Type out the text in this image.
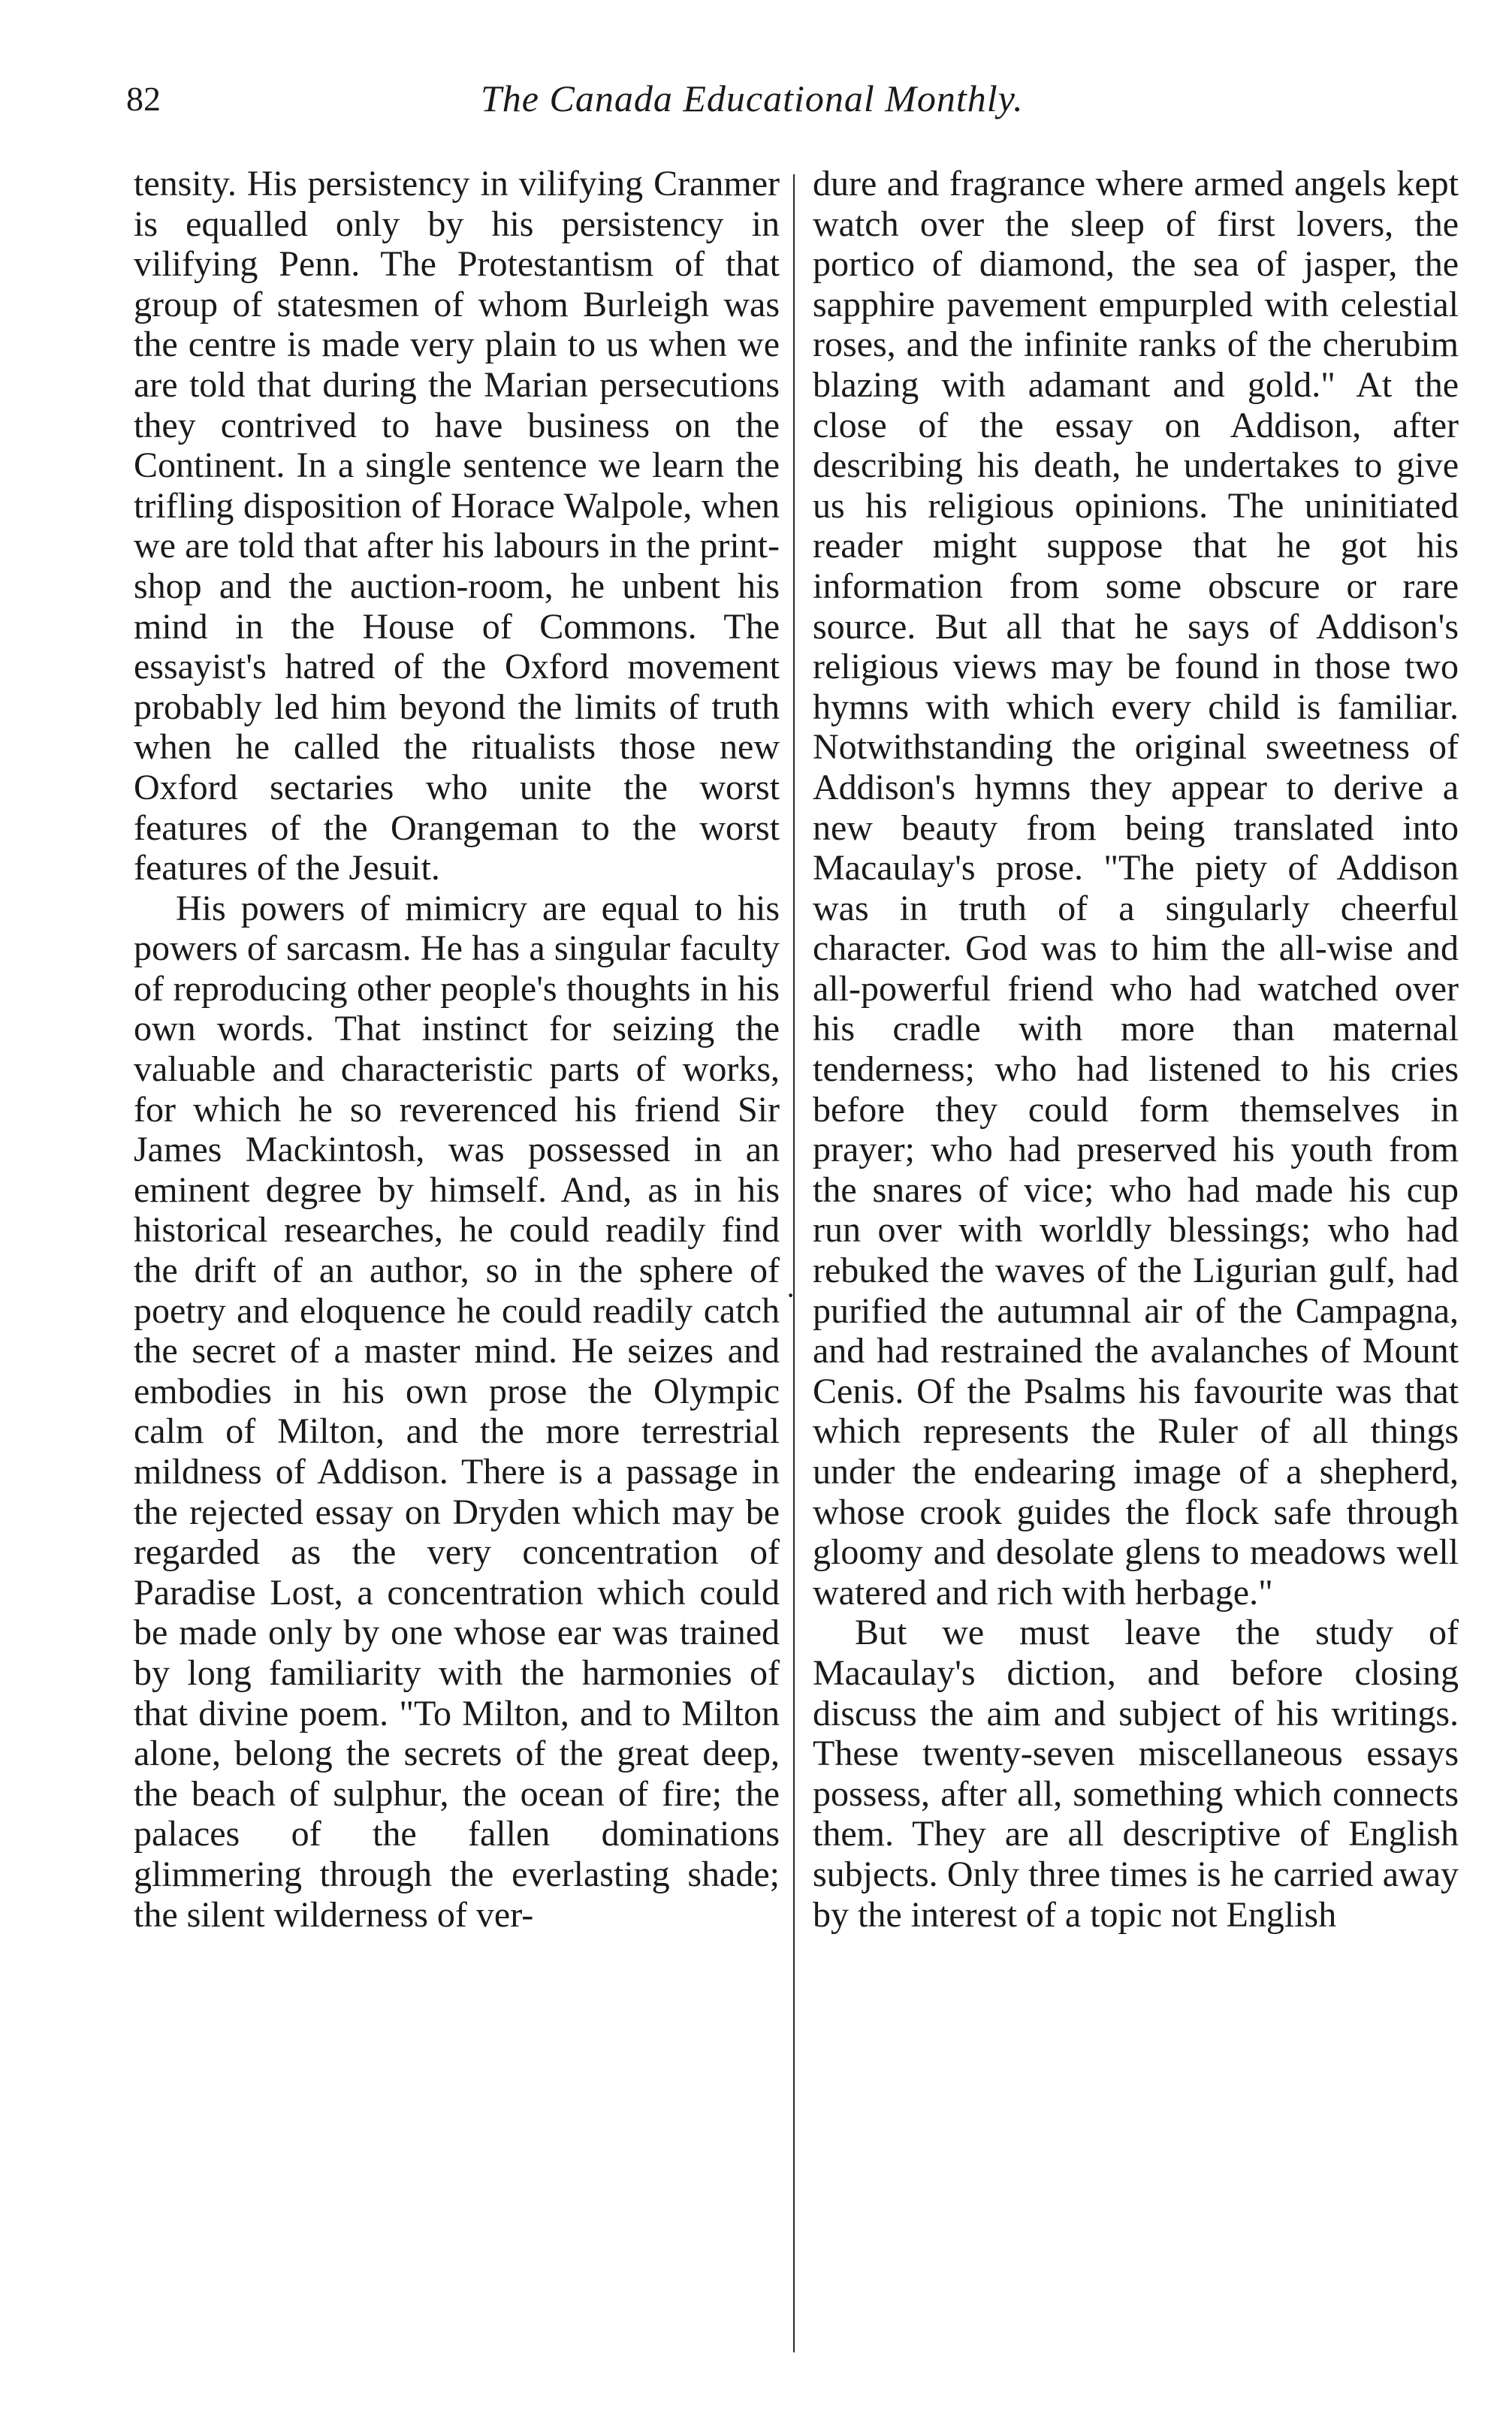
82	The Canada Educational Monthly.

tensity. His persistency in vilifying Cranmer is equalled only by his persistency in vilifying Penn. The Protestantism of that group of statesmen of whom Burleigh was the centre is made very plain to us when we are told that during the Marian persecutions they contrived to have business on the Continent. In a single sentence we learn the trifling disposition of Horace Walpole, when we are told that after his labours in the print-shop and the auction-room, he unbent his mind in the House of Commons. The essayist's hatred of the Oxford movement probably led him beyond the limits of truth when he called the ritualists those new Oxford sectaries who unite the worst features of the Orangeman to the worst features of the Jesuit.

His powers of mimicry are equal to his powers of sarcasm. He has a singular faculty of reproducing other people's thoughts in his own words. That instinct for seizing the valuable and characteristic parts of works, for which he so reverenced his friend Sir James Mackintosh, was possessed in an eminent degree by himself. And, as in his historical researches, he could readily find the drift of an author, so in the sphere of poetry and eloquence he could readily catch the secret of a master mind. He seizes and embodies in his own prose the Olympic calm of Milton, and the more terrestrial mildness of Addison. There is a passage in the rejected essay on Dryden which may be regarded as the very concentration of Paradise Lost, a concentration which could be made only by one whose ear was trained by long familiarity with the harmonies of that divine poem. "To Milton, and to Milton alone, belong the secrets of the great deep, the beach of sulphur, the ocean of fire; the palaces of the fallen dominations glimmering through the everlasting shade; the silent wilderness of ver-

·

dure and fragrance where armed angels kept watch over the sleep of first lovers, the portico of diamond, the sea of jasper, the sapphire pavement empurpled with celestial roses, and the infinite ranks of the cherubim blazing with adamant and gold." At the close of the essay on Addison, after describing his death, he undertakes to give us his religious opinions. The uninitiated reader might suppose that he got his information from some obscure or rare source. But all that he says of Addison's religious views may be found in those two hymns with which every child is familiar. Notwithstanding the original sweetness of Addison's hymns they appear to derive a new beauty from being translated into Macaulay's prose. "The piety of Addison was in truth of a singularly cheerful character. God was to him the all-wise and all-powerful friend who had watched over his cradle with more than maternal tenderness; who had listened to his cries before they could form themselves in prayer; who had preserved his youth from the snares of vice; who had made his cup run over with worldly blessings; who had rebuked the waves of the Ligurian gulf, had purified the autumnal air of the Campagna, and had restrained the avalanches of Mount Cenis. Of the Psalms his favourite was that which represents the Ruler of all things under the endearing image of a shepherd, whose crook guides the flock safe through gloomy and desolate glens to meadows well watered and rich with herbage."

But we must leave the study of Macaulay's diction, and before closing discuss the aim and subject of his writings. These twenty-seven miscellaneous essays possess, after all, something which connects them. They are all descriptive of English subjects. Only three times is he carried away by the interest of a topic not English
